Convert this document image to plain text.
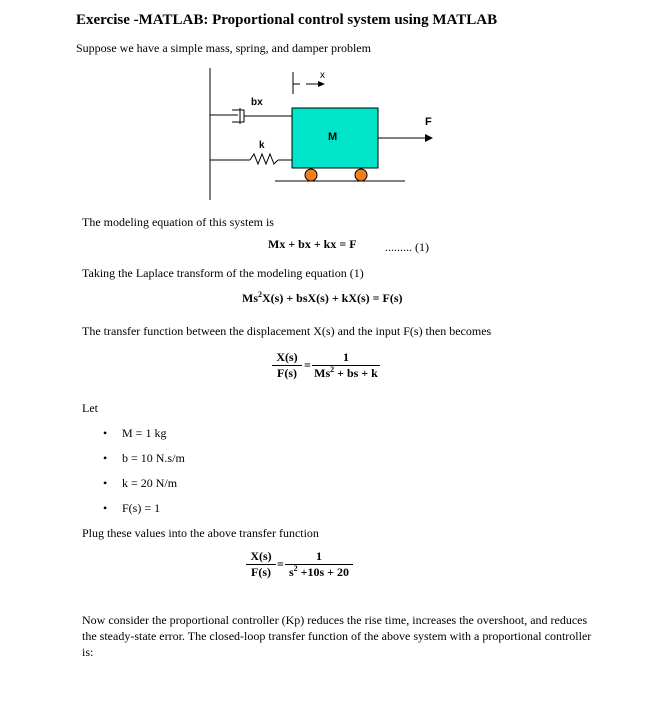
Exercise -MATLAB: Proportional control system using MATLAB
Suppose we have a simple mass, spring, and damper problem
x
bx
k
M
F
The modeling equation of this system is
Mx + bx + kx = F ......... (1)
Taking the Laplace transform of the modeling equation (1)
$Ms^2X(s) + bsX(s) + kX(s) = F(s)$
The transfer function between the displacement X(s) and the input F(s) then becomes
$\frac{X(s)}{F(s)} = \frac{1}{Ms^2 + bs + k}$
Let
• M = 1 kg
• b = 10 N.s/m
• k = 20 N/m
• F(s) = 1
Plug these values into the above transfer function
$\frac{X(s)}{F(s)} = \frac{1}{s^2 +10s + 20}$
Now consider the proportional controller (Kp) reduces the rise time, increases the overshoot, and reduces the steady-state error. The closed-loop transfer function of the above system with a proportional controller is:
